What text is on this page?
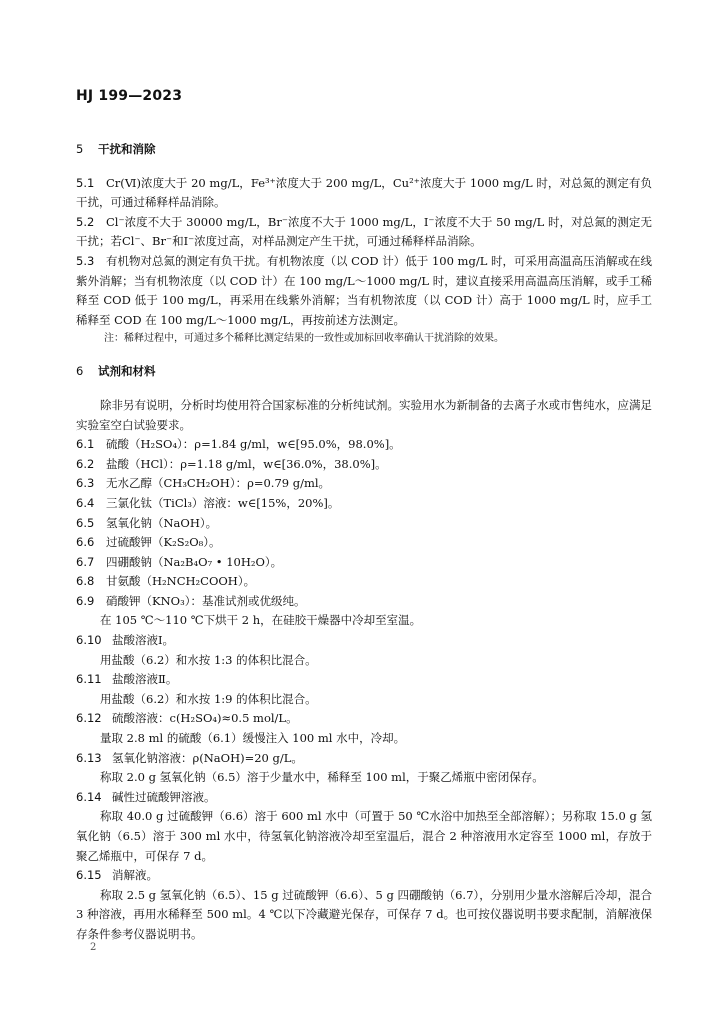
HJ 199—2023
5 干扰和消除
5.1 Cr(Ⅵ)浓度大于 20 mg/L，Fe³⁺浓度大于 200 mg/L，Cu²⁺浓度大于 1000 mg/L 时，对总氮的测定有负干扰，可通过稀释样品消除。
5.2 Cl⁻浓度不大于 30000 mg/L，Br⁻浓度不大于 1000 mg/L，I⁻浓度不大于 50 mg/L 时，对总氮的测定无干扰；若Cl⁻、Br⁻和I⁻浓度过高，对样品测定产生干扰，可通过稀释样品消除。
5.3 有机物对总氮的测定有负干扰。有机物浓度（以 COD 计）低于 100 mg/L 时，可采用高温高压消解或在线紫外消解；当有机物浓度（以 COD 计）在 100 mg/L～1000 mg/L 时，建议直接采用高温高压消解，或手工稀释至 COD 低于 100 mg/L，再采用在线紫外消解；当有机物浓度（以 COD 计）高于 1000 mg/L 时，应手工稀释至 COD 在 100 mg/L～1000 mg/L，再按前述方法测定。
注：稀释过程中，可通过多个稀释比测定结果的一致性或加标回收率确认干扰消除的效果。
6 试剂和材料
除非另有说明，分析时均使用符合国家标准的分析纯试剂。实验用水为新制备的去离子水或市售纯水，应满足实验室空白试验要求。
6.1 硫酸（H₂SO₄）：ρ=1.84 g/ml，w∈[95.0%，98.0%]。
6.2 盐酸（HCl）：ρ=1.18 g/ml，w∈[36.0%，38.0%]。
6.3 无水乙醇（CH₃CH₂OH）：ρ=0.79 g/ml。
6.4 三氯化钛（TiCl₃）溶液：w∈[15%，20%]。
6.5 氢氧化钠（NaOH）。
6.6 过硫酸钾（K₂S₂O₈）。
6.7 四硼酸钠（Na₂B₄O₇ • 10H₂O）。
6.8 甘氨酸（H₂NCH₂COOH）。
6.9 硝酸钾（KNO₃）：基准试剂或优级纯。
在 105 ℃～110 ℃下烘干 2 h，在硅胶干燥器中冷却至室温。
6.10 盐酸溶液Ⅰ。
用盐酸（6.2）和水按 1:3 的体积比混合。
6.11 盐酸溶液Ⅱ。
用盐酸（6.2）和水按 1:9 的体积比混合。
6.12 硫酸溶液：c(H₂SO₄)≈0.5 mol/L。
量取 2.8 ml 的硫酸（6.1）缓慢注入 100 ml 水中，冷却。
6.13 氢氧化钠溶液：ρ(NaOH)=20 g/L。
称取 2.0 g 氢氧化钠（6.5）溶于少量水中，稀释至 100 ml，于聚乙烯瓶中密闭保存。
6.14 碱性过硫酸钾溶液。
称取 40.0 g 过硫酸钾（6.6）溶于 600 ml 水中（可置于 50 ℃水浴中加热至全部溶解）；另称取 15.0 g 氢氧化钠（6.5）溶于 300 ml 水中，待氢氧化钠溶液冷却至室温后，混合 2 种溶液用水定容至 1000 ml，存放于聚乙烯瓶中，可保存 7 d。
6.15 消解液。
称取 2.5 g 氢氧化钠（6.5）、15 g 过硫酸钾（6.6）、5 g 四硼酸钠（6.7），分别用少量水溶解后冷却，混合 3 种溶液，再用水稀释至 500 ml。4 ℃以下冷藏避光保存，可保存 7 d。也可按仪器说明书要求配制，消解液保存条件参考仪器说明书。
2
